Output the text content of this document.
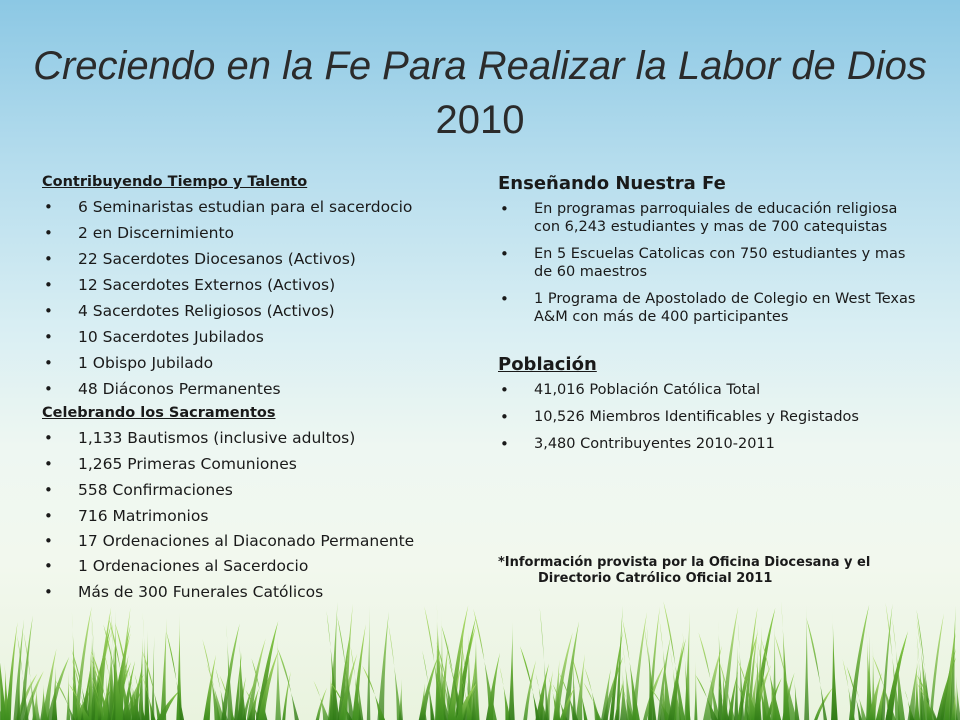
Creciendo en la Fe Para Realizar la Labor de Dios
2010
Contribuyendo Tiempo y Talento
• 6 Seminaristas estudian para el sacerdocio
• 2 en Discernimiento
• 22 Sacerdotes Diocesanos (Activos)
• 12 Sacerdotes Externos (Activos)
• 4 Sacerdotes Religiosos (Activos)
• 10 Sacerdotes Jubilados
• 1 Obispo Jubilado
• 48 Diáconos Permanentes
Celebrando los Sacramentos
• 1,133 Bautismos (inclusive adultos)
• 1,265 Primeras Comuniones
• 558 Confirmaciones
• 716 Matrimonios
• 17 Ordenaciones al Diaconado Permanente
• 1 Ordenaciones al Sacerdocio
• Más de 300 Funerales Católicos
Enseñando Nuestra Fe
• En programas parroquiales de educación religiosa con 6,243 estudiantes y mas de 700 catequistas
• En 5 Escuelas Catolicas con 750 estudiantes y mas de 60 maestros
• 1 Programa de Apostolado de Colegio en West Texas A&M con más de 400 participantes
Población
• 41,016 Población Católica Total
• 10,526 Miembros Identificables y Registados
• 3,480 Contribuyentes 2010-2011
*Información provista por la Oficina Diocesana y el
Directorio Catrólico Oficial 2011
